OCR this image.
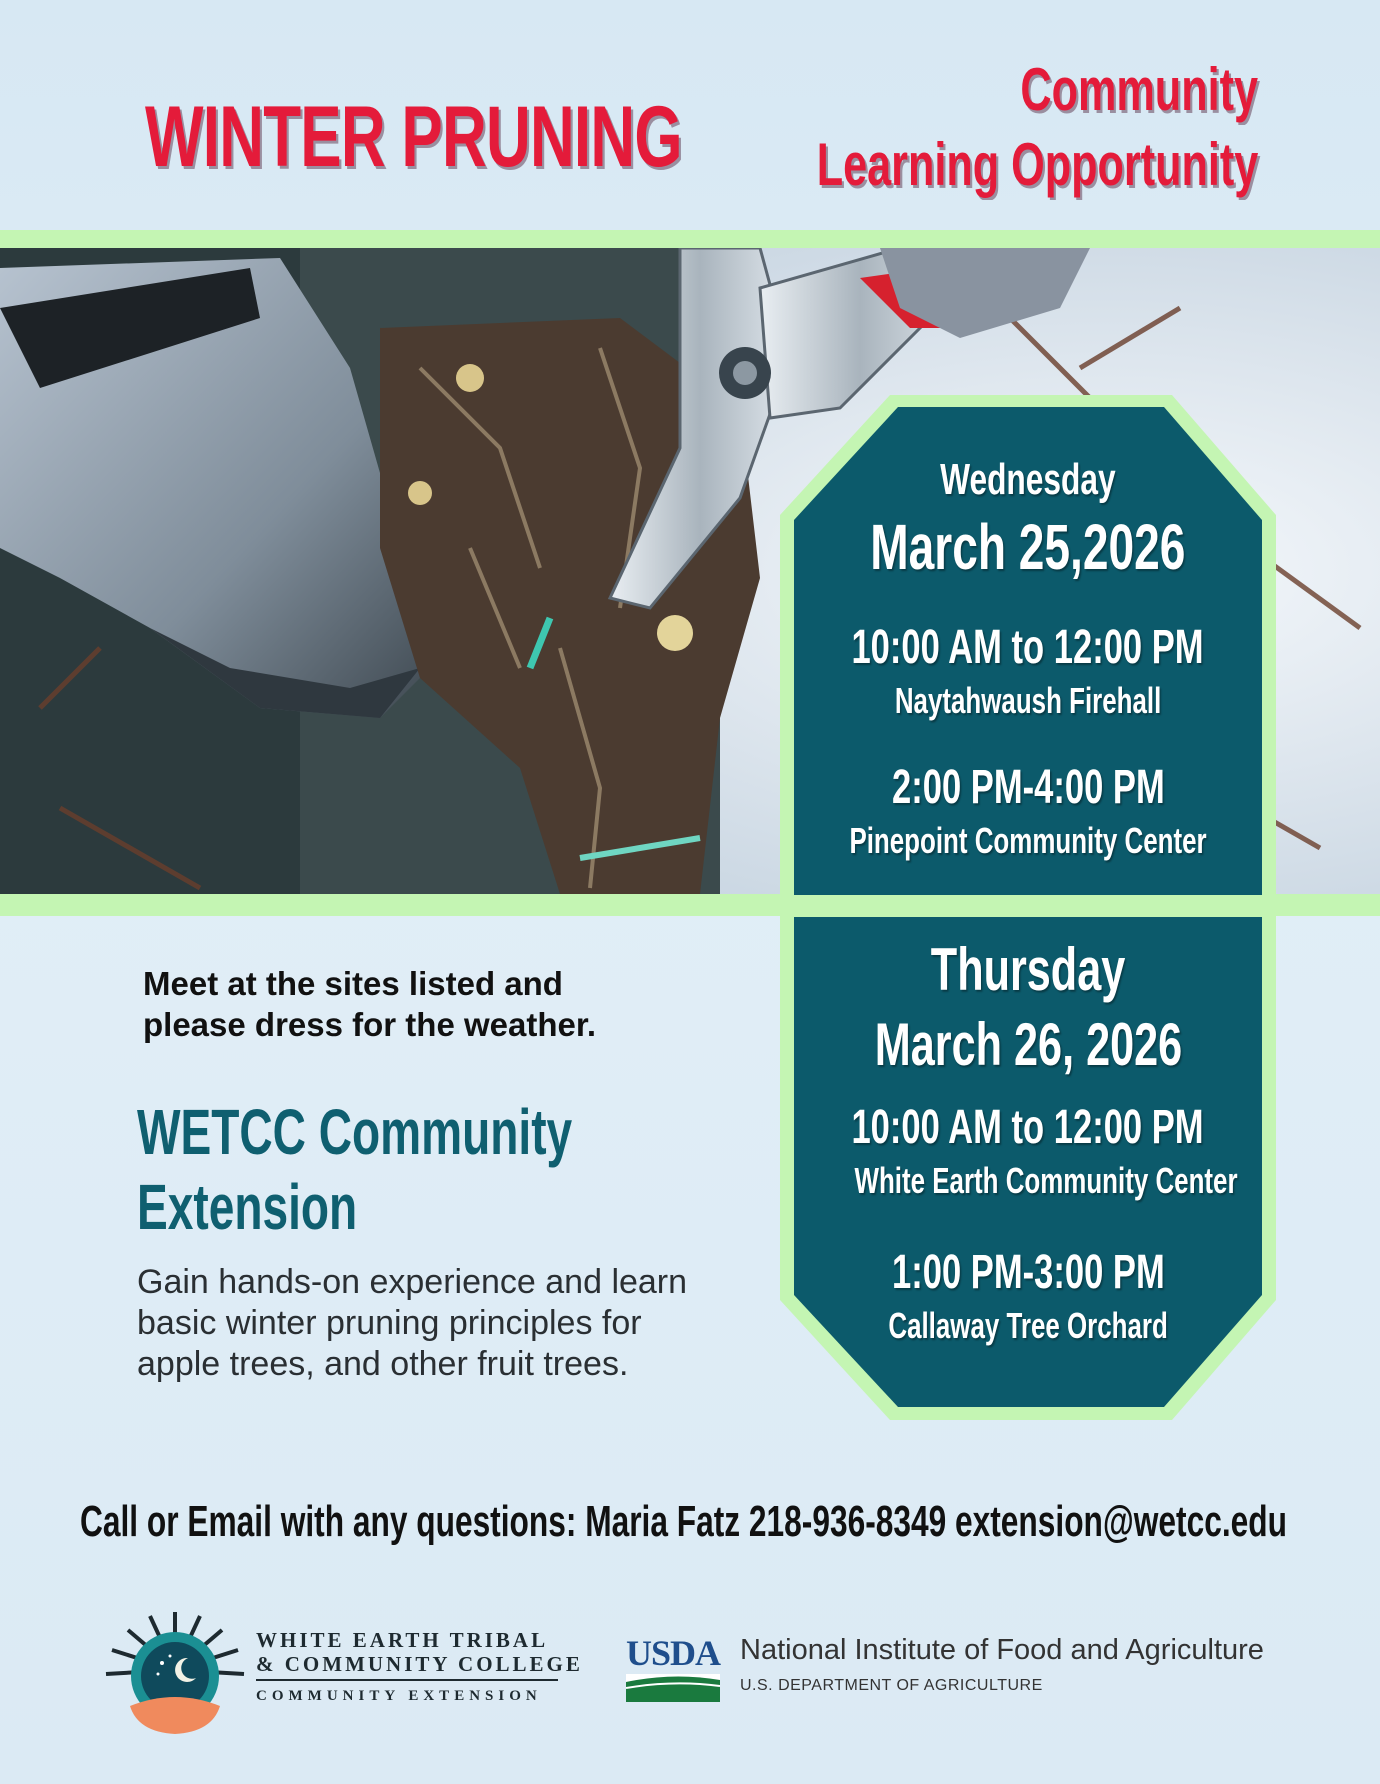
WINTER PRUNING	Community
Learning Opportunity
Wednesday
March 25,2026
10:00 AM to 12:00 PM
Naytahwaush Firehall
2:00 PM-4:00 PM
Pinepoint Community Center
Thursday
March 26, 2026
10:00 AM to 12:00 PM
White Earth Community Center
1:00 PM-3:00 PM
Callaway Tree Orchard
Meet at the sites listed and
please dress for the weather.
WETCC Community
Extension
Gain hands-on experience and learn basic winter pruning principles for apple trees, and other fruit trees.
Call or Email with any questions: Maria Fatz 218-936-8349 extension@wetcc.edu
WHITE EARTH TRIBAL
& COMMUNITY COLLEGE
COMMUNITY EXTENSION
USDA National Institute of Food and Agriculture
U.S. DEPARTMENT OF AGRICULTURE
